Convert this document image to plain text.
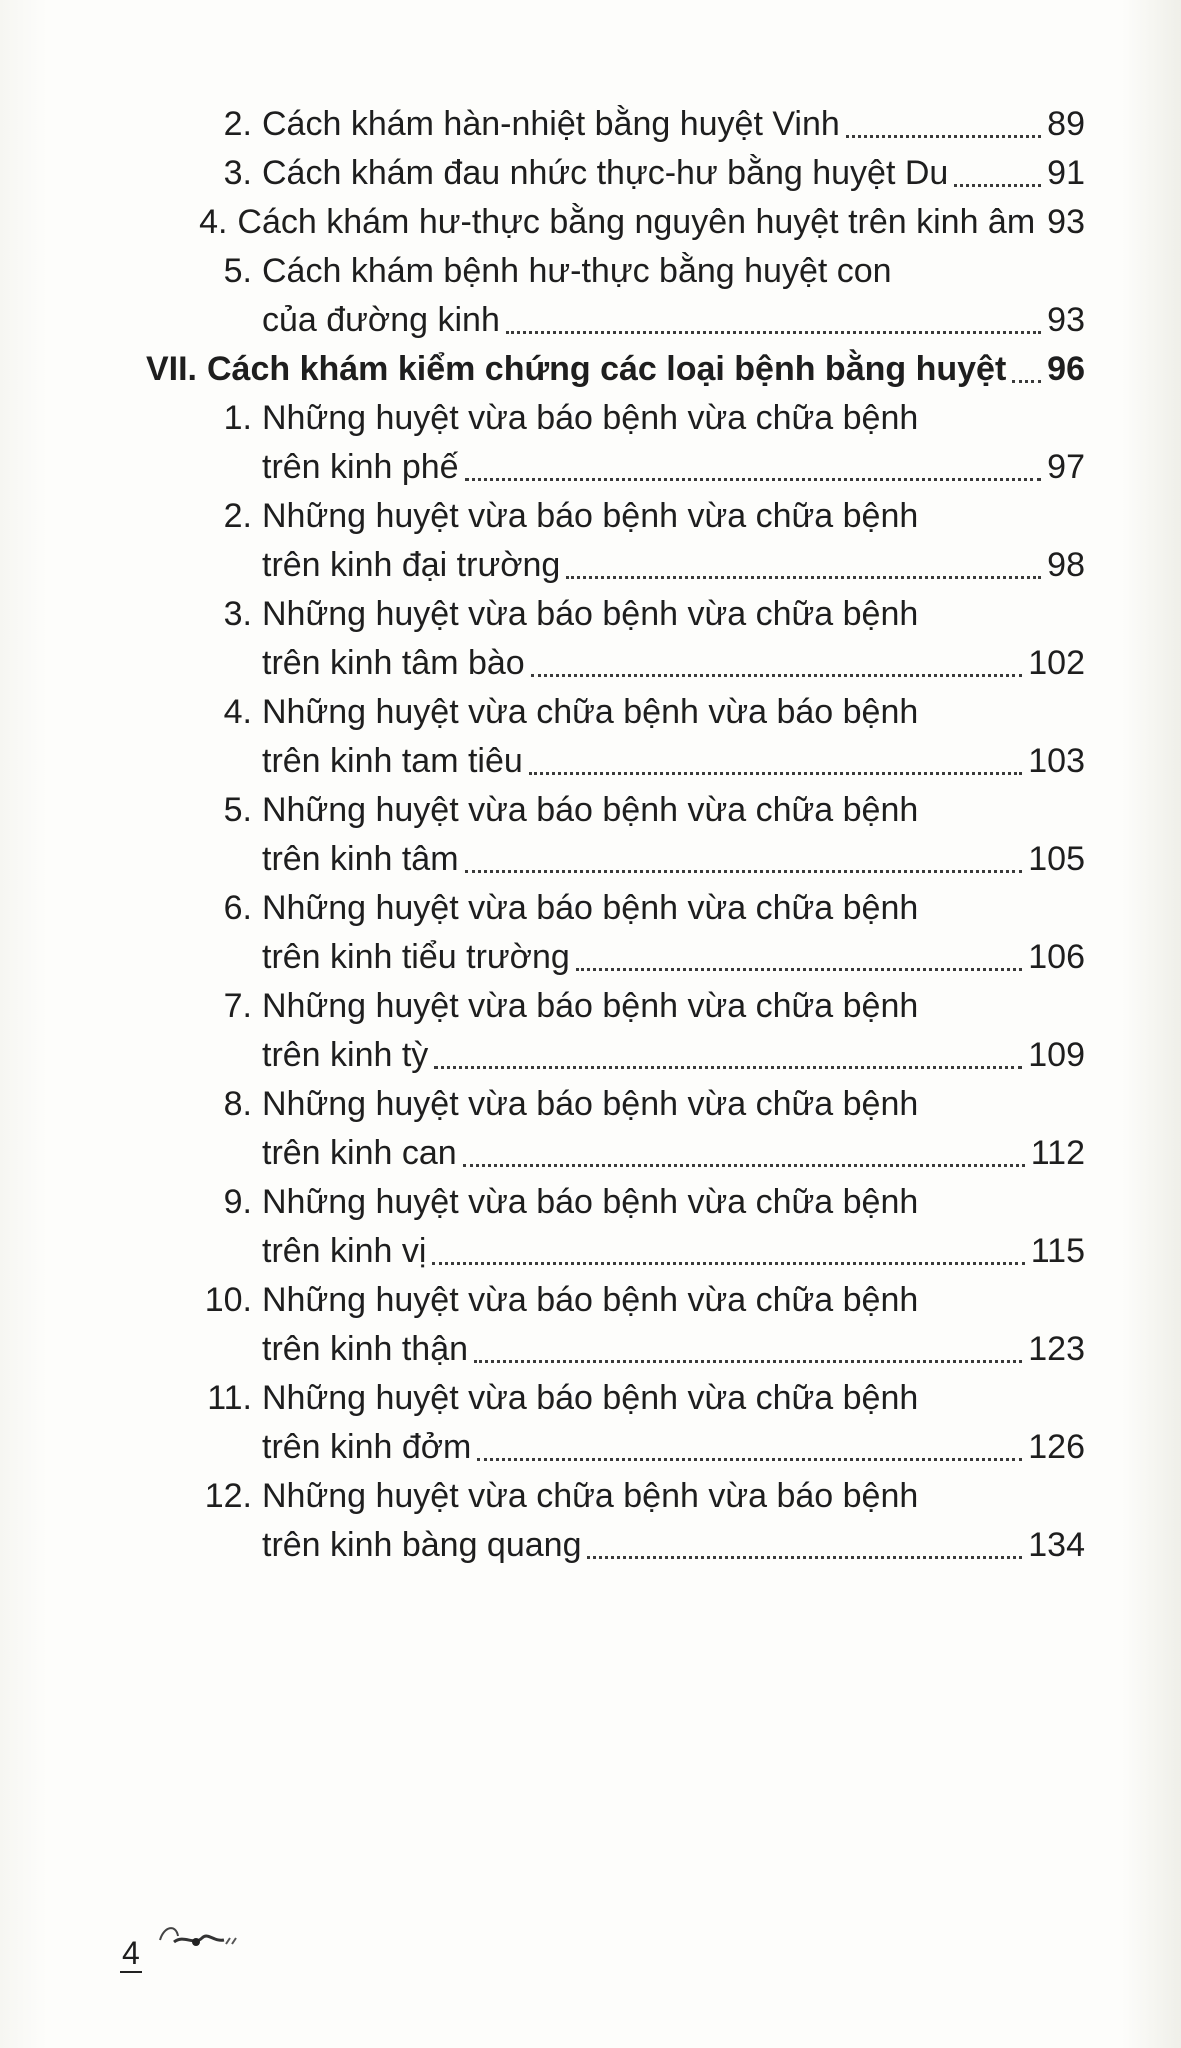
2. Cách khám hàn-nhiệt bằng huyệt Vinh	89
3. Cách khám đau nhức thực-hư bằng huyệt Du	91
4. Cách khám hư-thực bằng nguyên huyệt trên kinh âm 93
5. Cách khám bệnh hư-thực bằng huyệt con
của đường kinh	93
VII. Cách khám kiểm chứng các loại bệnh bằng huyệt 96
1. Những huyệt vừa báo bệnh vừa chữa bệnh
trên kinh phế	97
2. Những huyệt vừa báo bệnh vừa chữa bệnh
trên kinh đại trường	98
3. Những huyệt vừa báo bệnh vừa chữa bệnh
trên kinh tâm bào	102
4. Những huyệt vừa chữa bệnh vừa báo bệnh
trên kinh tam tiêu	103
5. Những huyệt vừa báo bệnh vừa chữa bệnh
trên kinh tâm	105
6. Những huyệt vừa báo bệnh vừa chữa bệnh
trên kinh tiểu trường	106
7. Những huyệt vừa báo bệnh vừa chữa bệnh
trên kinh tỳ	109
8. Những huyệt vừa báo bệnh vừa chữa bệnh
trên kinh can	112
9. Những huyệt vừa báo bệnh vừa chữa bệnh
trên kinh vị	115
10. Những huyệt vừa báo bệnh vừa chữa bệnh
trên kinh thận	123
11. Những huyệt vừa báo bệnh vừa chữa bệnh
trên kinh đởm	126
12. Những huyệt vừa chữa bệnh vừa báo bệnh
trên kinh bàng quang	134
4
